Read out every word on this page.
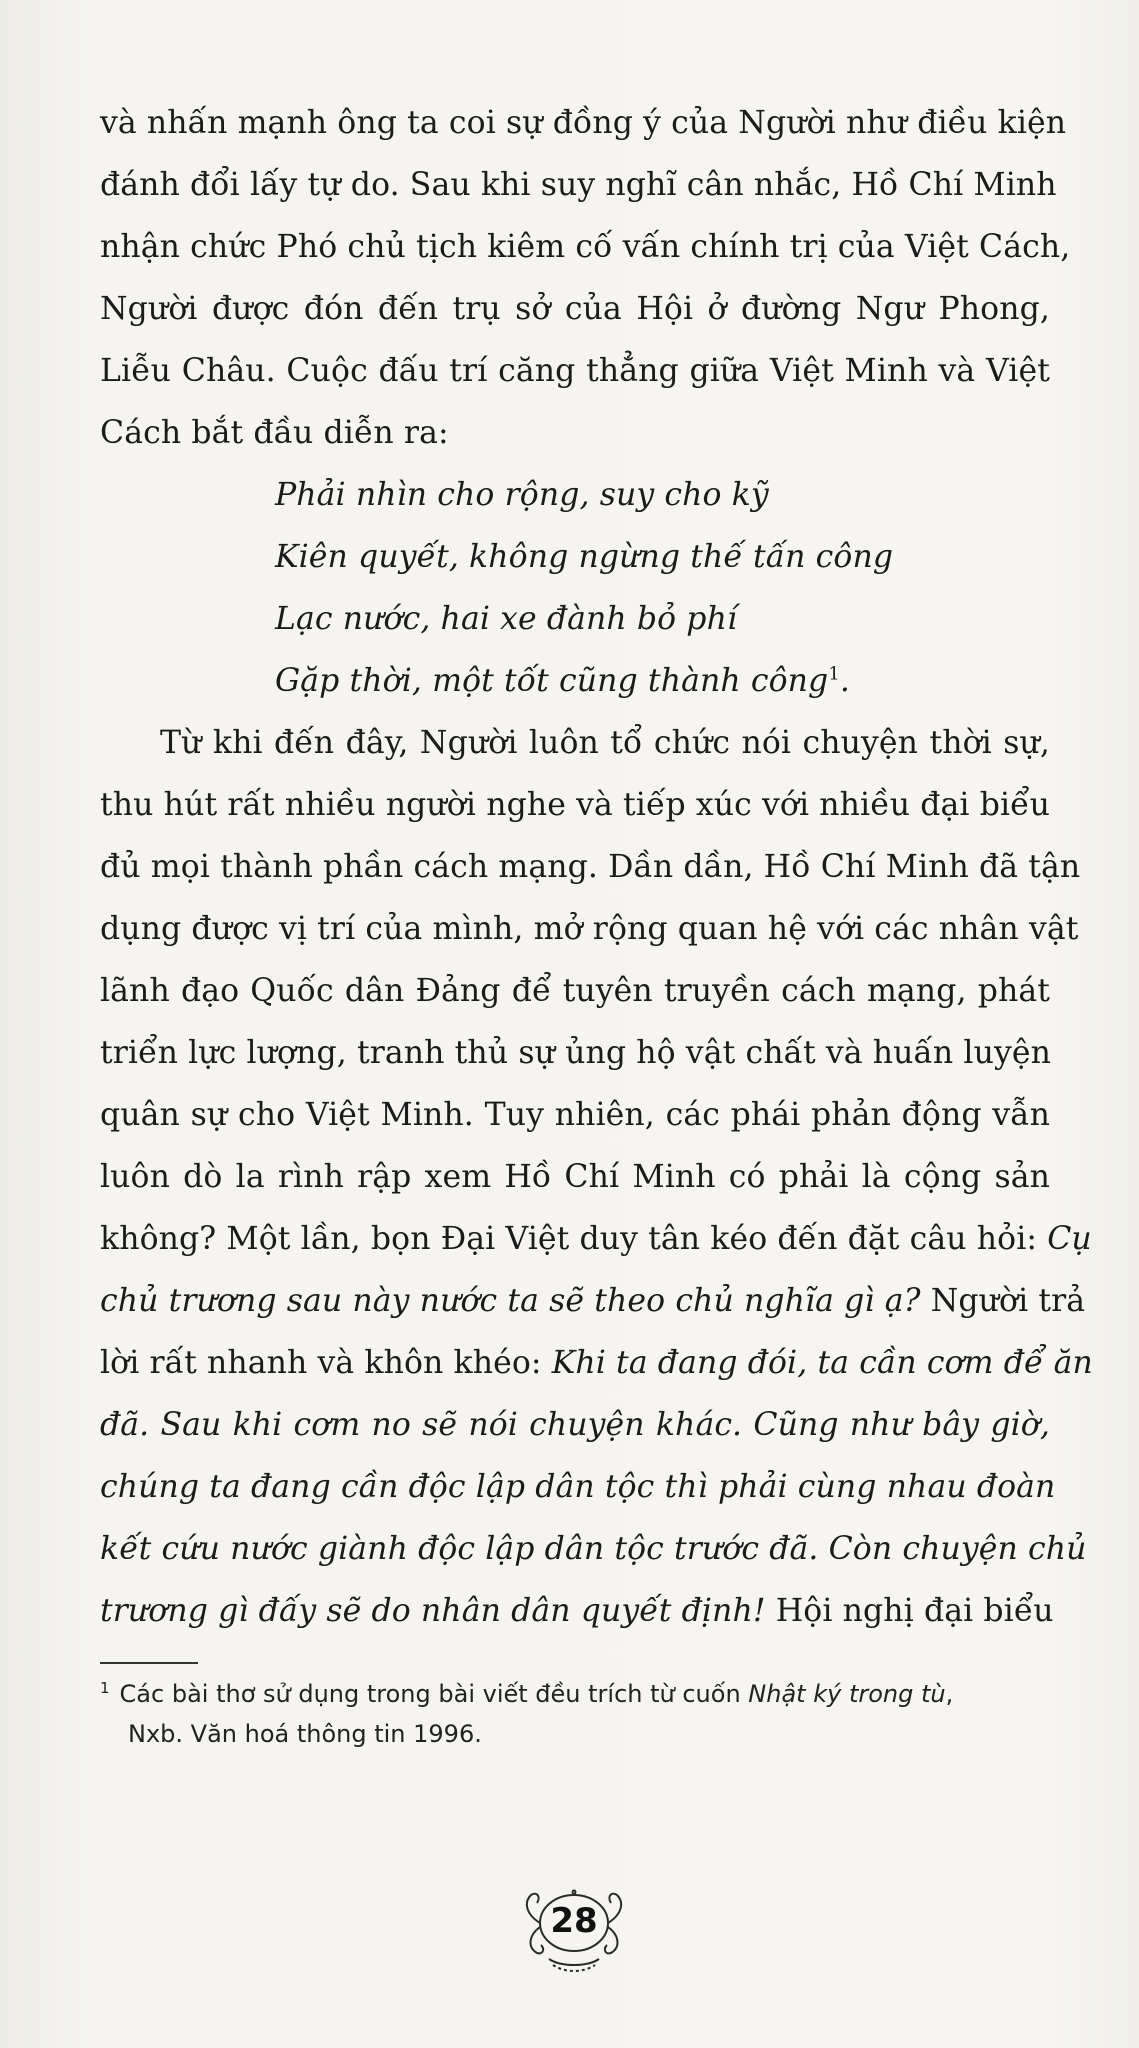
và nhấn mạnh ông ta coi sự đồng ý của Người như điều kiện
đánh đổi lấy tự do. Sau khi suy nghĩ cân nhắc, Hồ Chí Minh
nhận chức Phó chủ tịch kiêm cố vấn chính trị của Việt Cách,
Người được đón đến trụ sở của Hội ở đường Ngư Phong,
Liễu Châu. Cuộc đấu trí căng thẳng giữa Việt Minh và Việt
Cách bắt đầu diễn ra:
Phải nhìn cho rộng, suy cho kỹ
Kiên quyết, không ngừng thế tấn công
Lạc nước, hai xe đành bỏ phí
Gặp thời, một tốt cũng thành công$^1$.
Từ khi đến đây, Người luôn tổ chức nói chuyện thời sự,
thu hút rất nhiều người nghe và tiếp xúc với nhiều đại biểu
đủ mọi thành phần cách mạng. Dần dần, Hồ Chí Minh đã tận
dụng được vị trí của mình, mở rộng quan hệ với các nhân vật
lãnh đạo Quốc dân Đảng để tuyên truyền cách mạng, phát
triển lực lượng, tranh thủ sự ủng hộ vật chất và huấn luyện
quân sự cho Việt Minh. Tuy nhiên, các phái phản động vẫn
luôn dò la rình rập xem Hồ Chí Minh có phải là cộng sản
không? Một lần, bọn Đại Việt duy tân kéo đến đặt câu hỏi: Cụ
chủ trương sau này nước ta sẽ theo chủ nghĩa gì ạ? Người trả
lời rất nhanh và khôn khéo: Khi ta đang đói, ta cần cơm để ăn
đã. Sau khi cơm no sẽ nói chuyện khác. Cũng như bây giờ,
chúng ta đang cần độc lập dân tộc thì phải cùng nhau đoàn
kết cứu nước giành độc lập dân tộc trước đã. Còn chuyện chủ
trương gì đấy sẽ do nhân dân quyết định! Hội nghị đại biểu
$^1$ Các bài thơ sử dụng trong bài viết đều trích từ cuốn Nhật ký trong tù,
Nxb. Văn hoá thông tin 1996.
28
